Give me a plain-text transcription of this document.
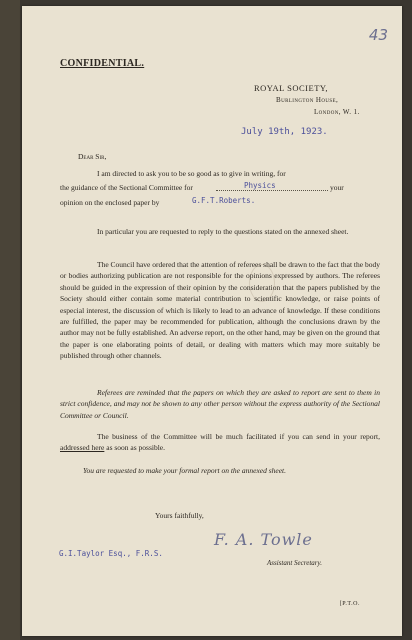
43
CONFIDENTIAL.
ROYAL SOCIETY,
Burlington House,
London, W. 1.
July 19th, 1923.
Dear Sir,
I am directed to ask you to be so good as to give in writing, for
the guidance of the Sectional Committee for	Physics	your
opinion on the enclosed paper by	G.F.T.Roberts.
In particular you are requested to reply to the questions stated on the annexed sheet.
The Council have ordered that the attention of referees shall be drawn to the fact that the body or bodies authorizing publication are not responsible for the opinions expressed by authors. The referees should be guided in the expression of their opinion by the consideration that the papers published by the Society should either contain some material contribution to scientific knowledge, or raise points of especial interest, the discussion of which is likely to lead to an advance of knowledge. If these conditions are fulfilled, the paper may be recommended for publication, although the conclusions drawn by the author may not be fully established. An adverse report, on the other hand, may be given on the ground that the paper is one elaborating points of detail, or dealing with matters which may more suitably be published through other channels.
Referees are reminded that the papers on which they are asked to report are sent to them in strict confidence, and may not be shown to any other person without the express authority of the Sectional Committee or Council.
The business of the Committee will be much facilitated if you can send in your report, addressed here as soon as possible.
You are requested to make your formal report on the annexed sheet.
Yours faithfully,
G.I.Taylor Esq., F.R.S.
F. A. Towle
Assistant Secretary.
[P.T.O.
